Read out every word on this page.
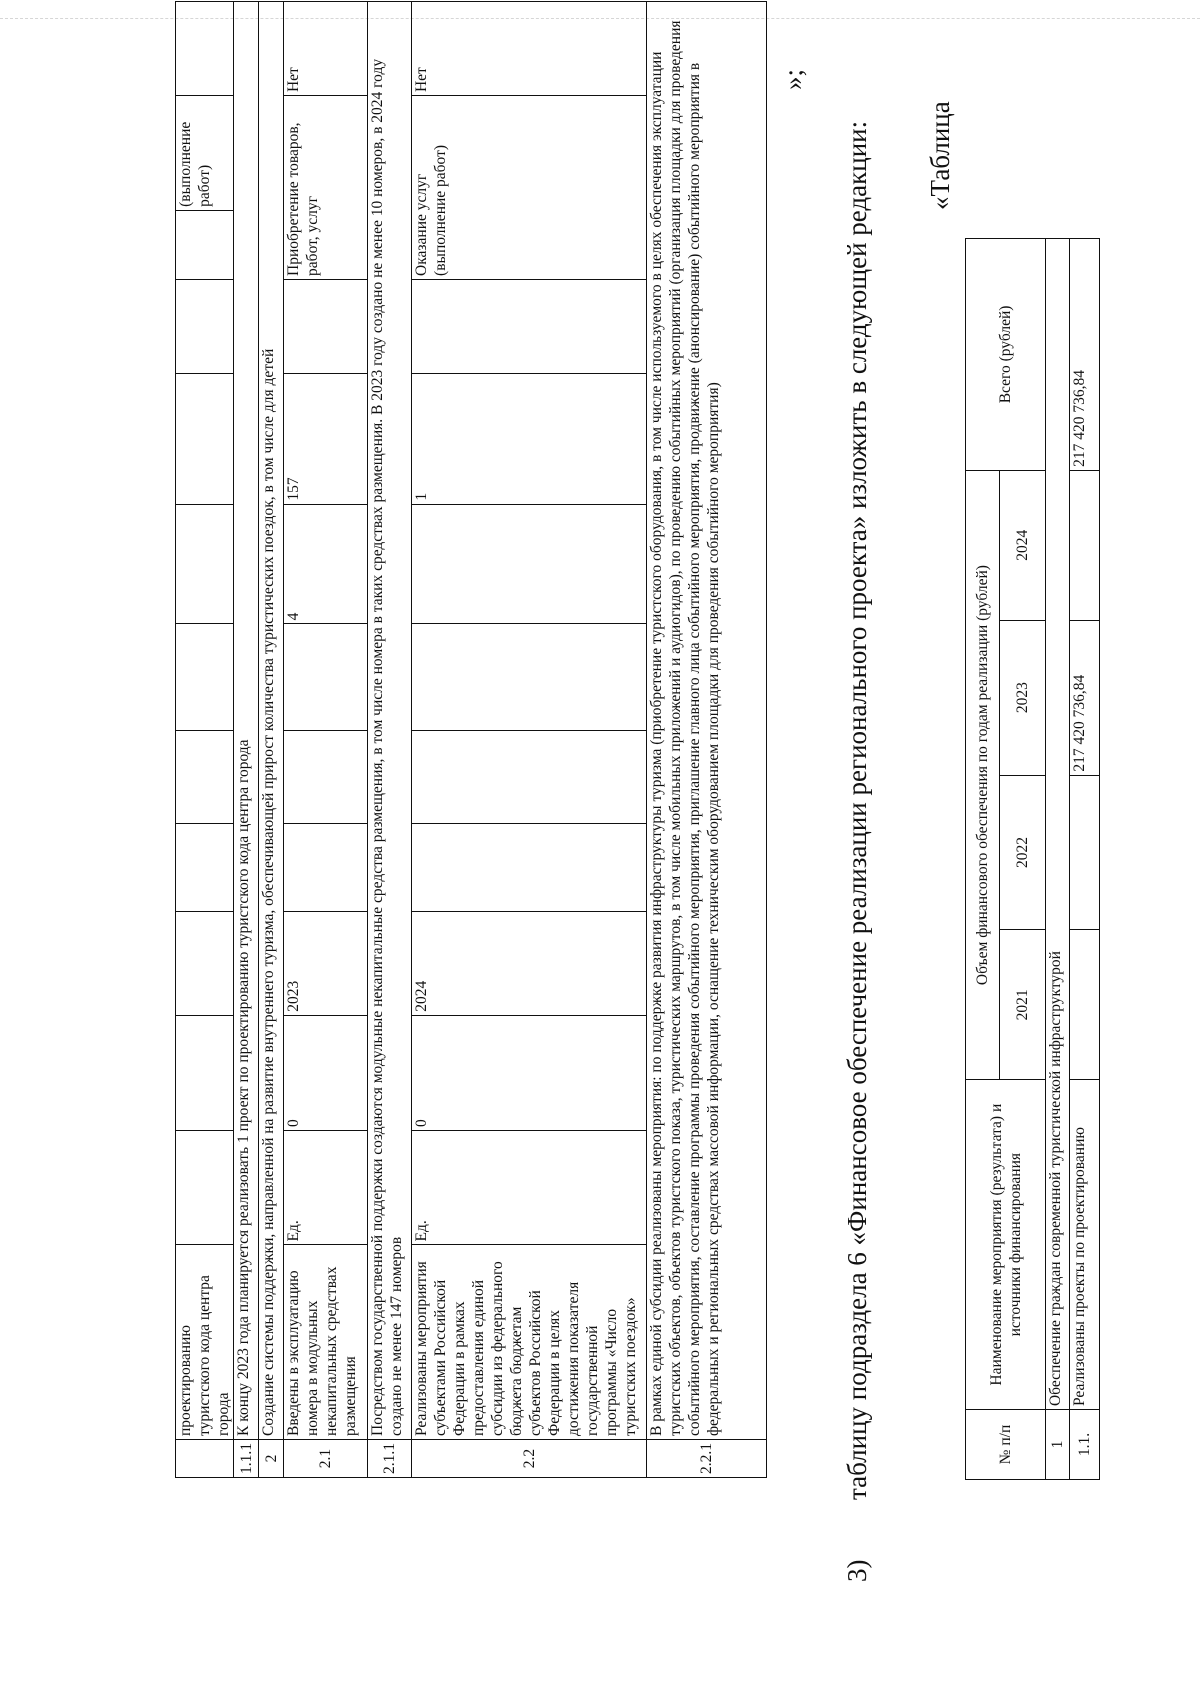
	проектированию туристского кода центра города											(выполнение работ)	
1.1.1	К концу 2023 года планируется реализовать 1 проект по проектированию туристского кода центра города												
2	Создание системы поддержки, направленной на развитие внутреннего туризма, обеспечивающей прирост количества туристических поездок, в том числе для детей												
2.1	Введены в эксплуатацию номера в модульных некапитальных средствах размещения	Ед.	0	2023				4	157		Приобретение товаров, работ, услуг		Нет
2.1.1	Посредством государственной поддержки создаются модульные некапитальные средства размещения, в том числе номера в таких средствах размещения. В 2023 году создано не менее 10 номеров, в 2024 году создано не менее 147 номеров												
2.2	Реализованы мероприятия субъектами Российской Федерации в рамках предоставления единой субсидии из федерального бюджета бюджетам субъектов Российской Федерации в целях достижения показателя государственной программы «Число туристских поездок»	Ед.	0	2024					1		Оказание услуг (выполнение работ)		Нет
2.2.1	В рамках единой субсидии реализованы мероприятия: по поддержке развития инфраструктуры туризма (приобретение туристского оборудования, в том числе используемого в целях обеспечения эксплуатации туристских объектов, объектов туристского показа, туристических маршрутов, в том числе мобильных приложений и аудиогидов), по проведению событийных мероприятий (организация площадки для проведения событийного мероприятия, составление программы проведения событийного мероприятия, приглашение главного лица событийного мероприятия, продвижение (анонсирование) событийного мероприятия в федеральных и региональных средствах массовой информации, оснащение техническим оборудованием площадки для проведения событийного мероприятия)												
»;
3)таблицу подраздела 6 «Финансовое обеспечение реализации регионального проекта» изложить в следующей редакции: «Таблица
№ п/п	Наименование мероприятия (результата) и источники финансирования	Объем финансового обеспечения по годам реализации (рублей)				Всего (рублей)
		2021	2022	2023	2024	
1	Обеспечение граждан современной туристической инфраструктурой					
1.1.	Реализованы проекты по проектированию			217 420 736,84		217 420 736,84
